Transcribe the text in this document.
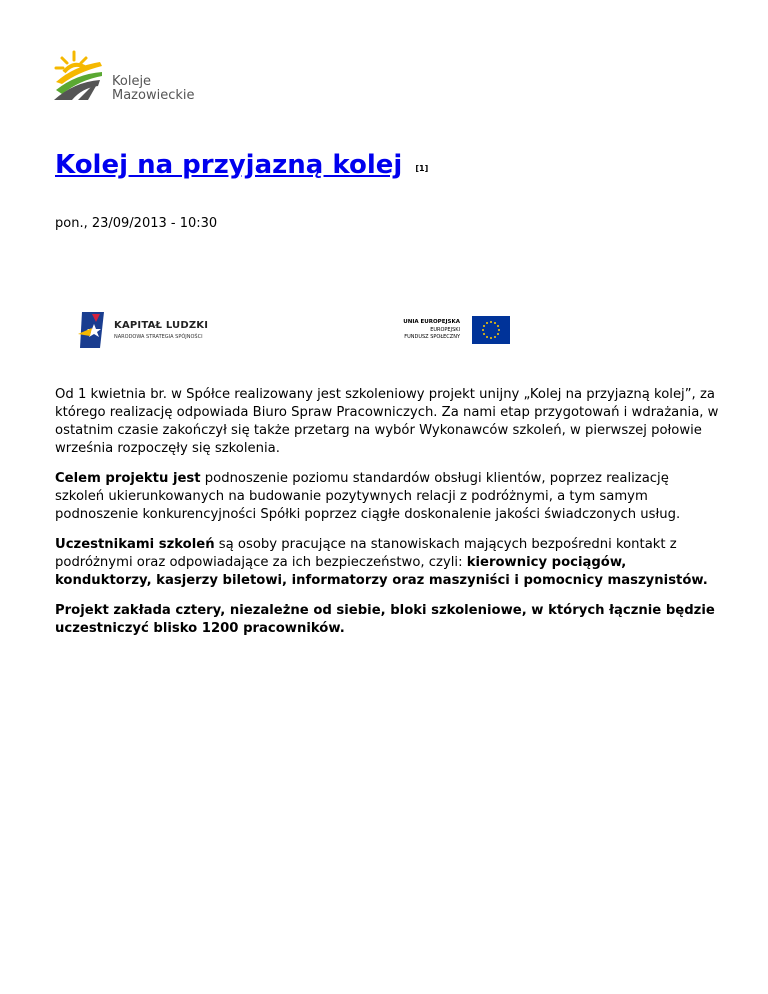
Koleje
Mazowieckie
Kolej na przyjazną kolej [1]
pon., 23/09/2013 - 10:30
KAPITAŁ LUDZKI
NARODOWA STRATEGIA SPÓJNOŚCI
UNIA EUROPEJSKA
EUROPEJSKI
FUNDUSZ SPOŁECZNY

Od 1 kwietnia br. w Spółce realizowany jest szkoleniowy projekt unijny „Kolej na przyjazną kolej”, za którego realizację odpowiada Biuro Spraw Pracowniczych. Za nami etap przygotowań i wdrażania, w ostatnim czasie zakończył się także przetarg na wybór Wykonawców szkoleń, w pierwszej połowie września rozpoczęły się szkolenia.

Celem projektu jest podnoszenie poziomu standardów obsługi klientów, poprzez realizację szkoleń ukierunkowanych na budowanie pozytywnych relacji z podróżnymi, a tym samym podnoszenie konkurencyjności Spółki poprzez ciągłe doskonalenie jakości świadczonych usług.

Uczestnikami szkoleń są osoby pracujące na stanowiskach mających bezpośredni kontakt z podróżnymi oraz odpowiadające za ich bezpieczeństwo, czyli: kierownicy pociągów, konduktorzy, kasjerzy biletowi, informatorzy oraz maszyniści i pomocnicy maszynistów.

Projekt zakłada cztery, niezależne od siebie, bloki szkoleniowe, w których łącznie będzie uczestniczyć blisko 1200 pracowników.
